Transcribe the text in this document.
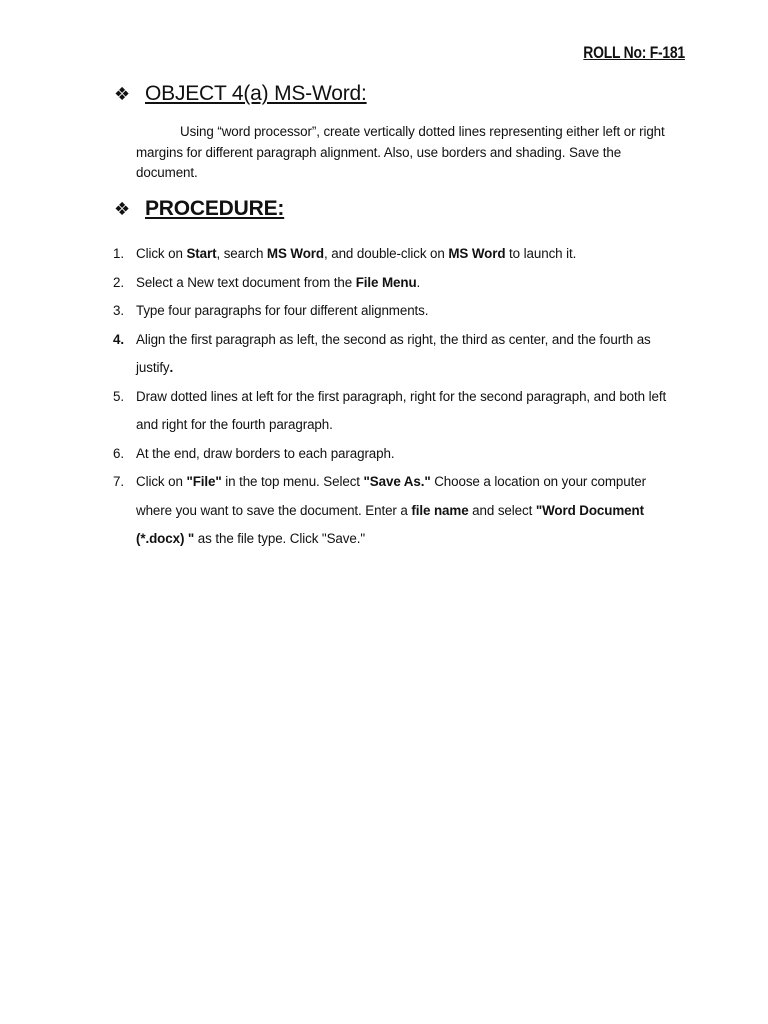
ROLL No: F-181
❖ OBJECT 4(a) MS-Word:
Using “word processor”, create vertically dotted lines representing either left or right margins for different paragraph alignment. Also, use borders and shading. Save the document.
❖ PROCEDURE:
1. Click on Start, search MS Word, and double-click on MS Word to launch it.
2. Select a New text document from the File Menu.
3. Type four paragraphs for four different alignments.
4. Align the first paragraph as left, the second as right, the third as center, and the fourth as justify.
5. Draw dotted lines at left for the first paragraph, right for the second paragraph, and both left and right for the fourth paragraph.
6. At the end, draw borders to each paragraph.
7. Click on "File" in the top menu. Select "Save As." Choose a location on your computer where you want to save the document. Enter a file name and select "Word Document (*.docx) " as the file type. Click "Save."
